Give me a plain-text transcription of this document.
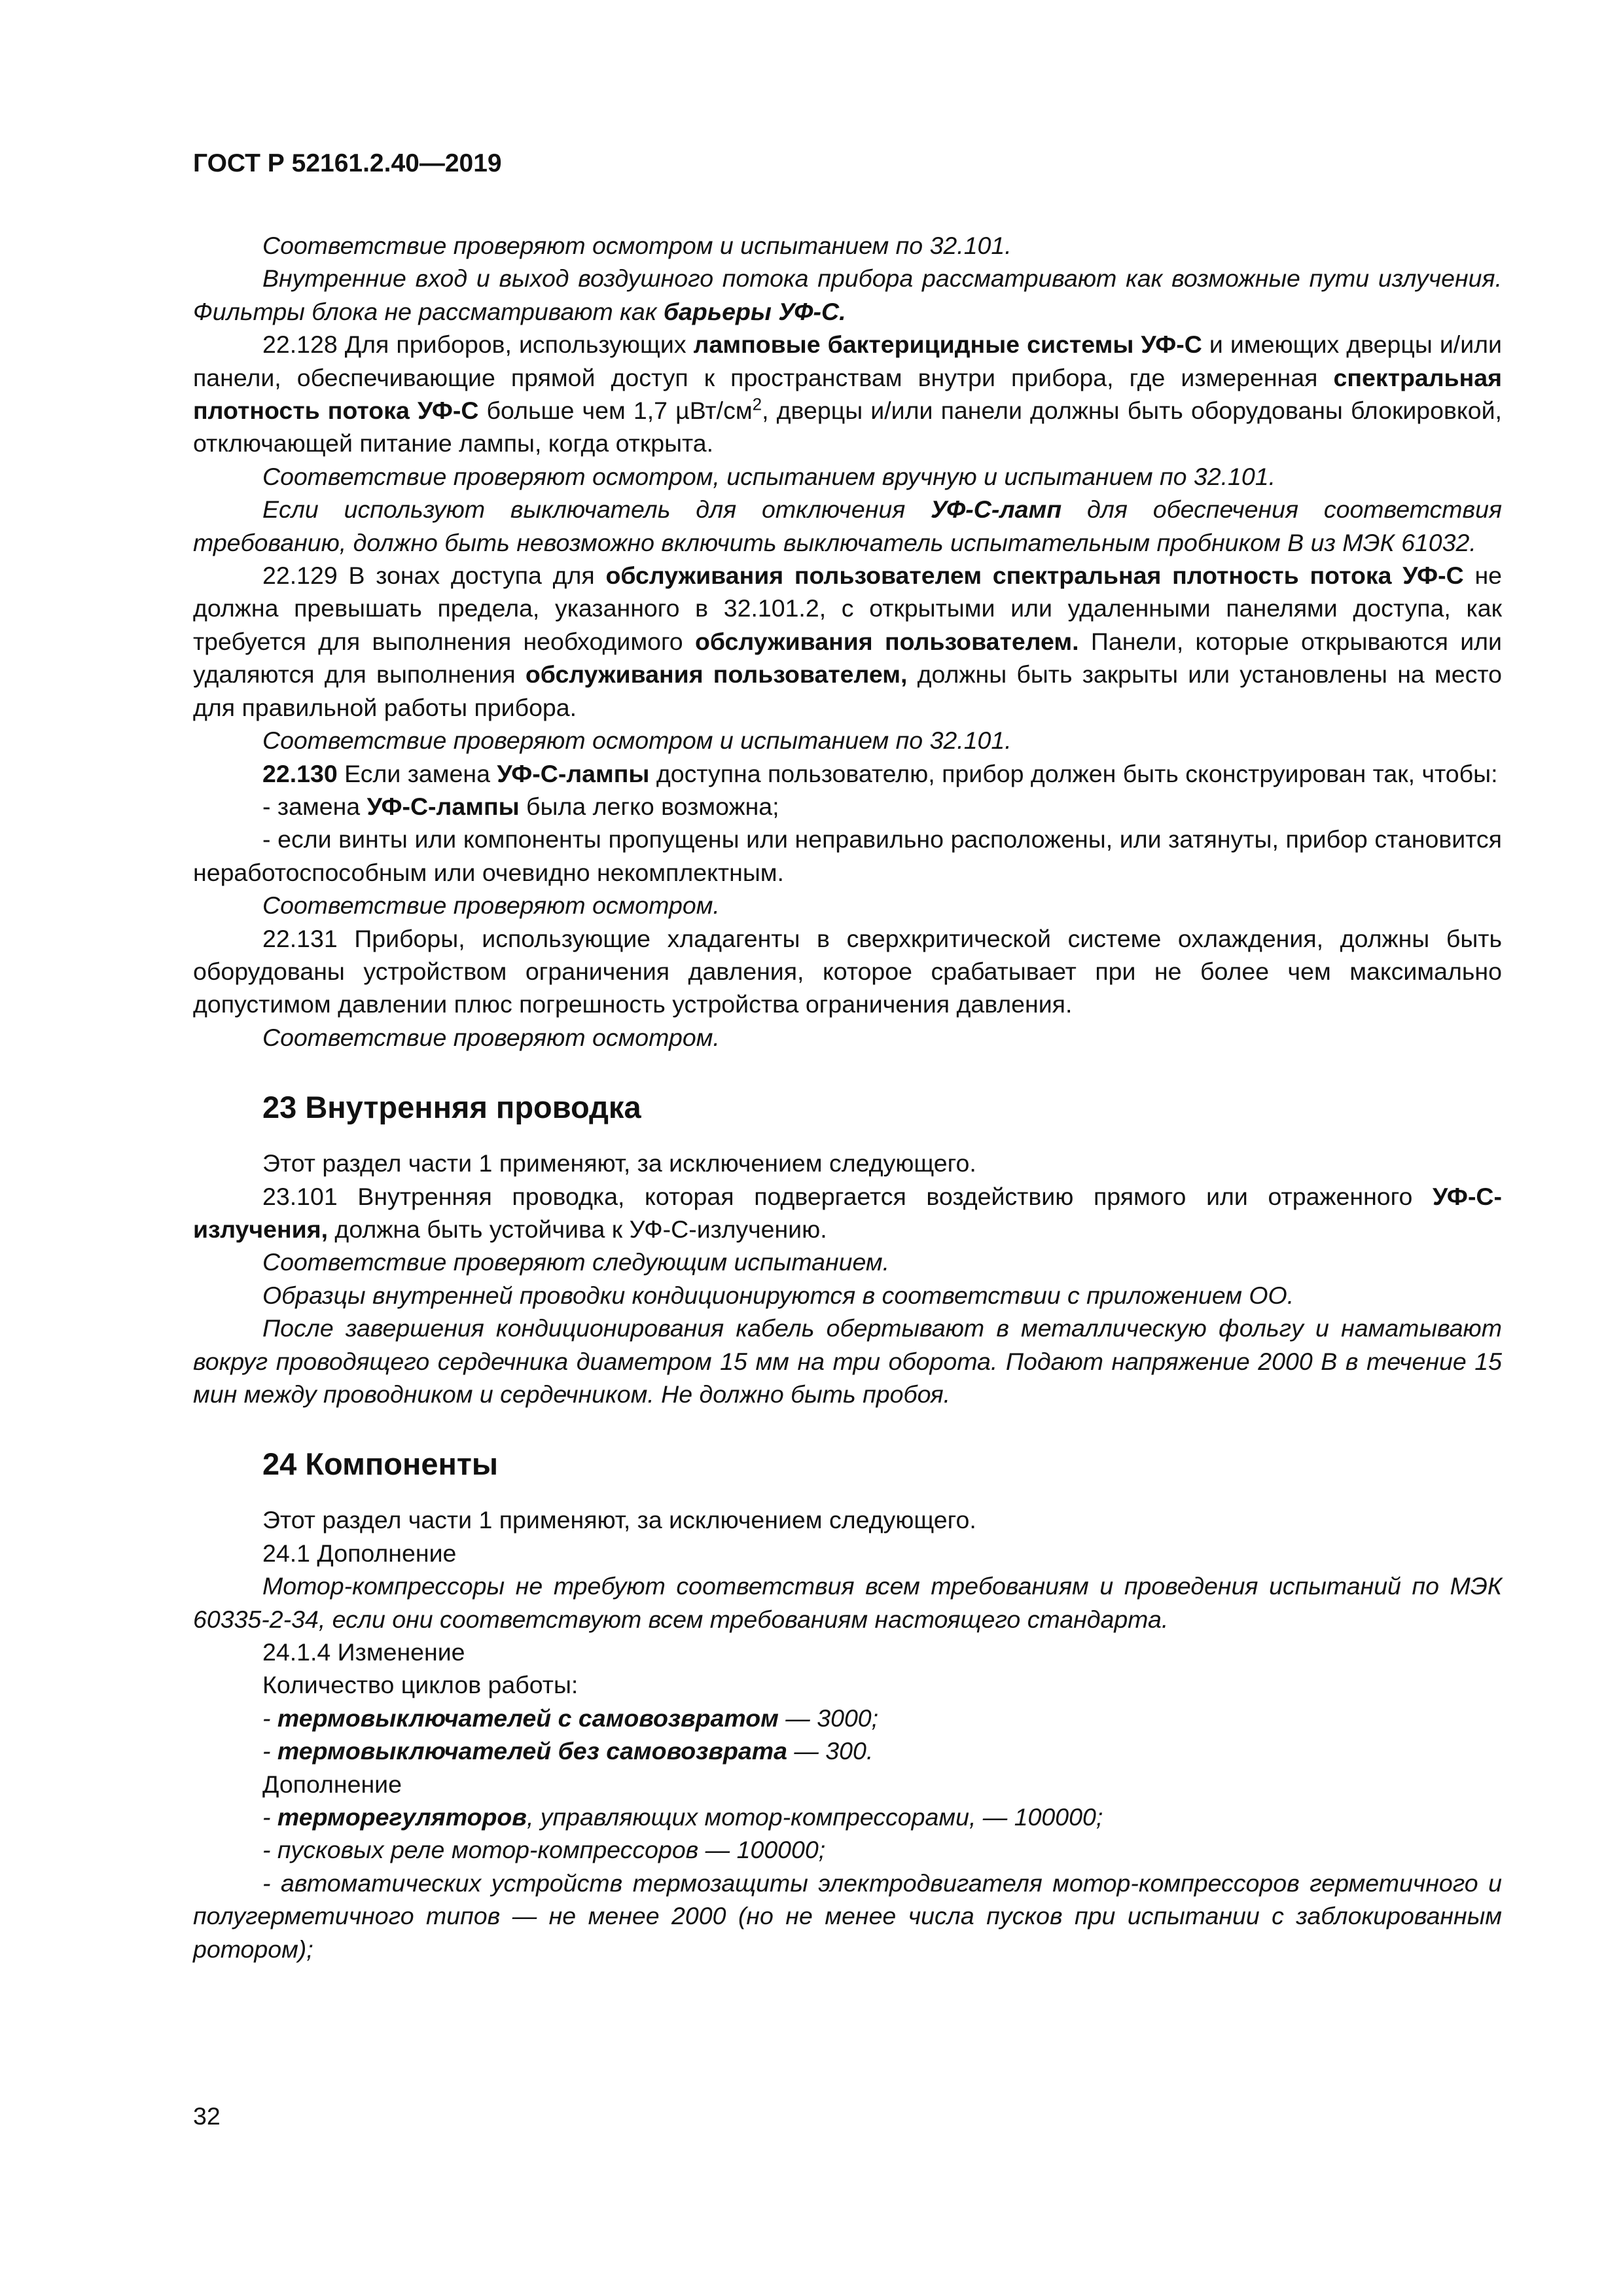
ГОСТ Р 52161.2.40—2019

Соответствие проверяют осмотром и испытанием по 32.101.

Внутренние вход и выход воздушного потока прибора рассматривают как возможные пути излучения. Фильтры блока не рассматривают как барьеры УФ-С.

22.128 Для приборов, использующих ламповые бактерицидные системы УФ-С и имеющих дверцы и/или панели, обеспечивающие прямой доступ к пространствам внутри прибора, где измеренная спектральная плотность потока УФ-С больше чем 1,7 µВт/$см^2$, дверцы и/или панели должны быть оборудованы блокировкой, отключающей питание лампы, когда открыта.

Соответствие проверяют осмотром, испытанием вручную и испытанием по 32.101.

Если используют выключатель для отключения УФ-С-ламп для обеспечения соответствия требованию, должно быть невозможно включить выключатель испытательным пробником В из МЭК 61032.

22.129 В зонах доступа для обслуживания пользователем спектральная плотность потока УФ-С не должна превышать предела, указанного в 32.101.2, с открытыми или удаленными панелями доступа, как требуется для выполнения необходимого обслуживания пользователем. Панели, которые открываются или удаляются для выполнения обслуживания пользователем, должны быть закрыты или установлены на место для правильной работы прибора.

Соответствие проверяют осмотром и испытанием по 32.101.

22.130 Если замена УФ-С-лампы доступна пользователю, прибор должен быть сконструирован так, чтобы:

- замена УФ-С-лампы была легко возможна;

- если винты или компоненты пропущены или неправильно расположены, или затянуты, прибор становится неработоспособным или очевидно некомплектным.

Соответствие проверяют осмотром.

22.131 Приборы, использующие хладагенты в сверхкритической системе охлаждения, должны быть оборудованы устройством ограничения давления, которое срабатывает при не более чем максимально допустимом давлении плюс погрешность устройства ограничения давления.

Соответствие проверяют осмотром.

23 Внутренняя проводка

Этот раздел части 1 применяют, за исключением следующего.

23.101 Внутренняя проводка, которая подвергается воздействию прямого или отраженного УФ-С-излучения, должна быть устойчива к УФ-С-излучению.

Соответствие проверяют следующим испытанием.

Образцы внутренней проводки кондиционируются в соответствии с приложением ОО.

После завершения кондиционирования кабель обертывают в металлическую фольгу и наматывают вокруг проводящего сердечника диаметром 15 мм на три оборота. Подают напряжение 2000 В в течение 15 мин между проводником и сердечником. Не должно быть пробоя.

24 Компоненты

Этот раздел части 1 применяют, за исключением следующего.

24.1 Дополнение

Мотор-компрессоры не требуют соответствия всем требованиям и проведения испытаний по МЭК 60335-2-34, если они соответствуют всем требованиям настоящего стандарта.

24.1.4 Изменение

Количество циклов работы:

- термовыключателей с самовозвратом — 3000;

- термовыключателей без самовозврата — 300.

Дополнение

- терморегуляторов, управляющих мотор-компрессорами, — 100000;

- пусковых реле мотор-компрессоров — 100000;

- автоматических устройств термозащиты электродвигателя мотор-компрессоров герметичного и полугерметичного типов — не менее 2000 (но не менее числа пусков при испытании с заблокированным ротором);

32
